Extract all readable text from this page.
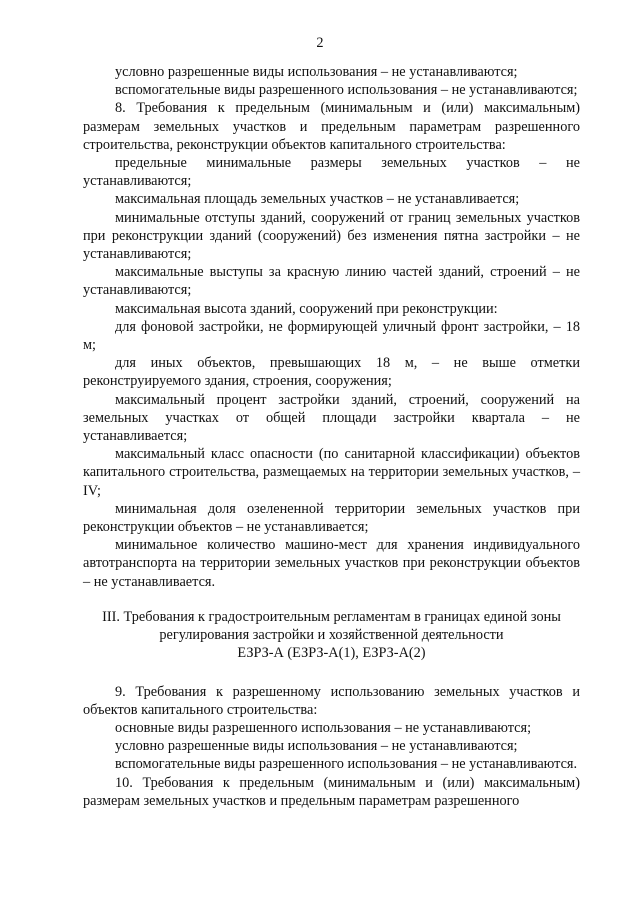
2

условно разрешенные виды использования – не устанавливаются;

вспомогательные виды разрешенного использования – не устанавливаются;

8. Требования к предельным (минимальным и (или) максимальным) размерам земельных участков и предельным параметрам разрешенного строительства, реконструкции объектов капитального строительства:

предельные минимальные размеры земельных участков – не устанавливаются;

максимальная площадь земельных участков – не устанавливается;

минимальные отступы зданий, сооружений от границ земельных участков при реконструкции зданий (сооружений) без изменения пятна застройки – не устанавливаются;

максимальные выступы за красную линию частей зданий, строений – не устанавливаются;

максимальная высота зданий, сооружений при реконструкции:

для фоновой застройки, не формирующей уличный фронт застройки, – 18 м;

для иных объектов, превышающих 18 м, – не выше отметки реконструируемого здания, строения, сооружения;

максимальный процент застройки зданий, строений, сооружений на земельных участках от общей площади застройки квартала – не устанавливается;

максимальный класс опасности (по санитарной классификации) объектов капитального строительства, размещаемых на территории земельных участков, – IV;

минимальная доля озелененной территории земельных участков при реконструкции объектов – не устанавливается;

минимальное количество машино-мест для хранения индивидуального автотранспорта на территории земельных участков при реконструкции объектов – не устанавливается.

III. Требования к градостроительным регламентам в границах единой зоны

регулирования застройки и хозяйственной деятельности

ЕЗРЗ-А (ЕЗРЗ-А(1), ЕЗРЗ-А(2)

9. Требования к разрешенному использованию земельных участков и объектов капитального строительства:

основные виды разрешенного использования – не устанавливаются;

условно разрешенные виды использования – не устанавливаются;

вспомогательные виды разрешенного использования – не устанавливаются.

10. Требования к предельным (минимальным и (или) максимальным) размерам земельных участков и предельным параметрам разрешенного
